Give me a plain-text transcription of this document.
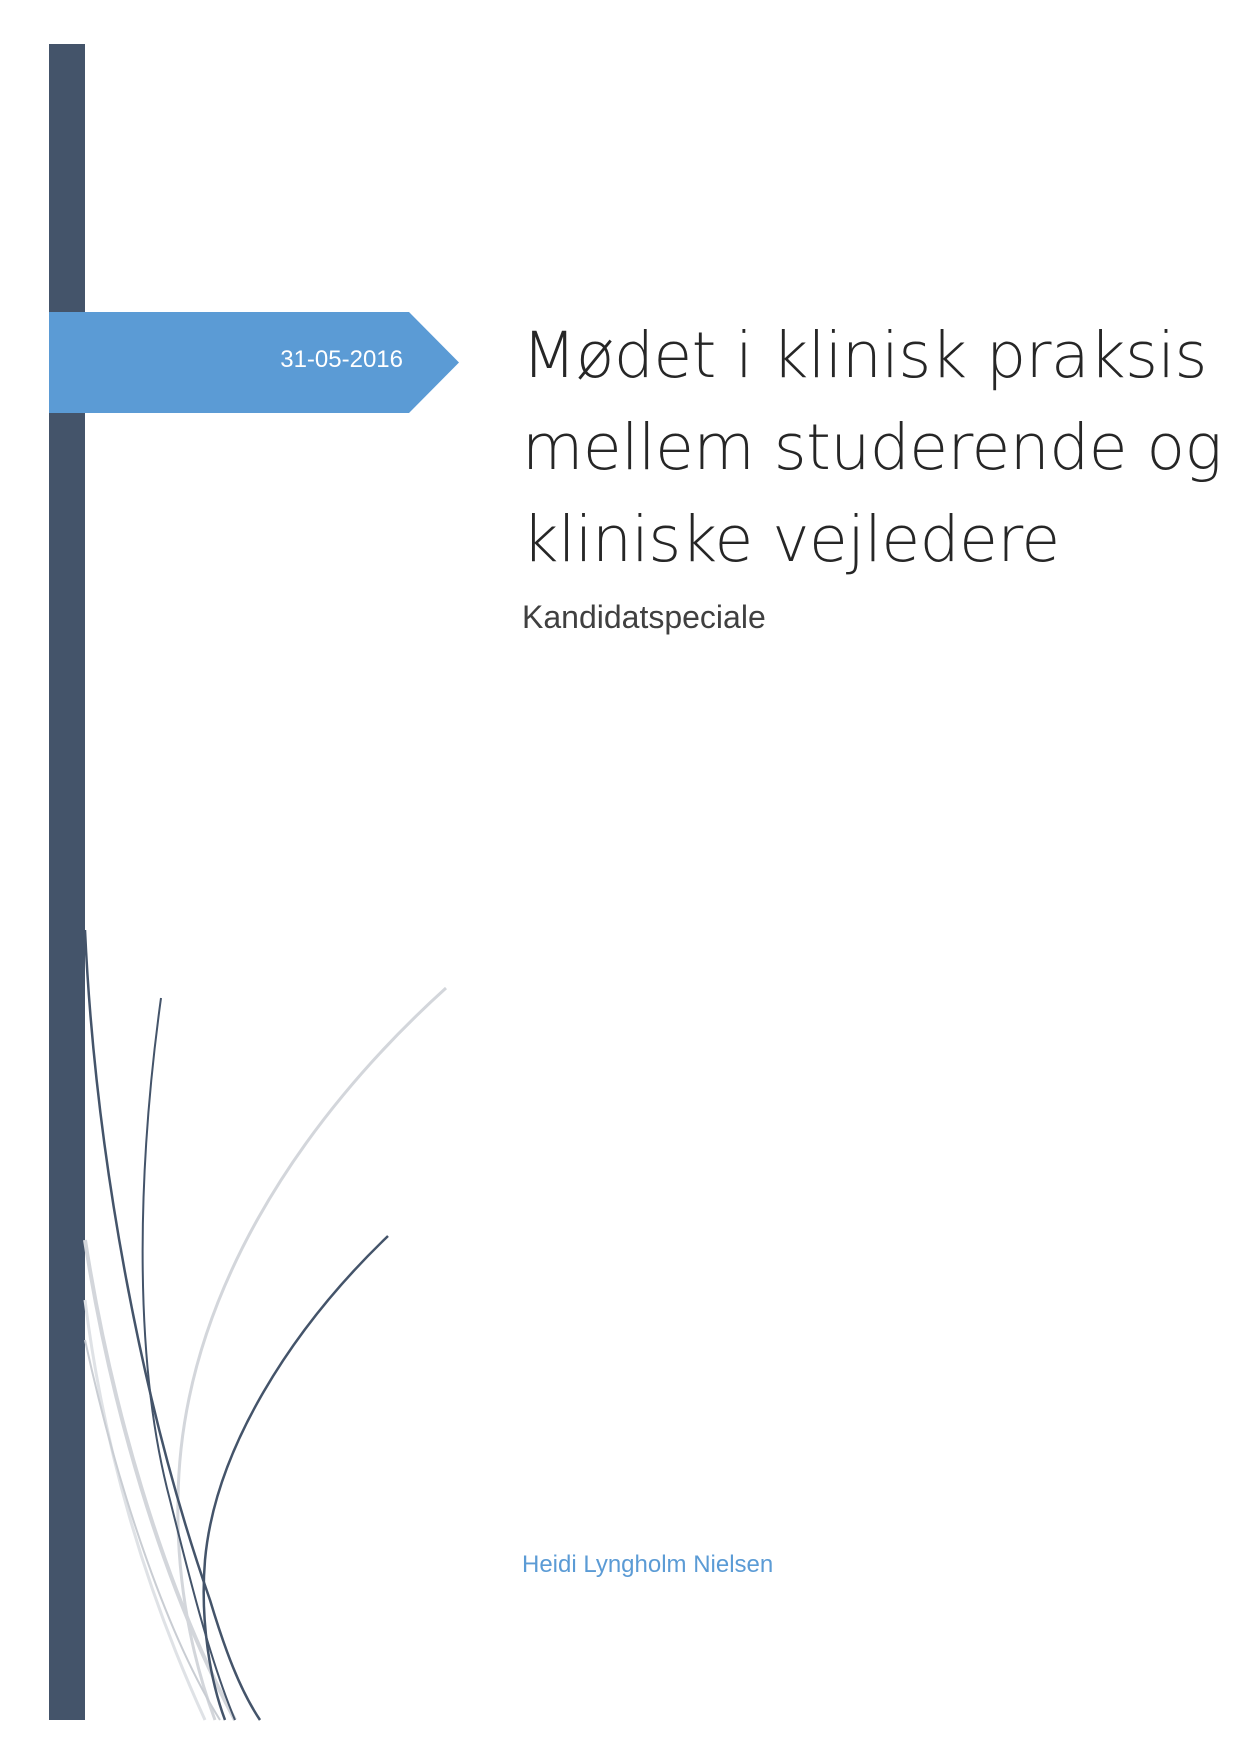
31-05-2016 Mødet i klinisk praksis
mellem studerende og
kliniske vejledere
Kandidatspeciale
Heidi Lyngholm Nielsen
